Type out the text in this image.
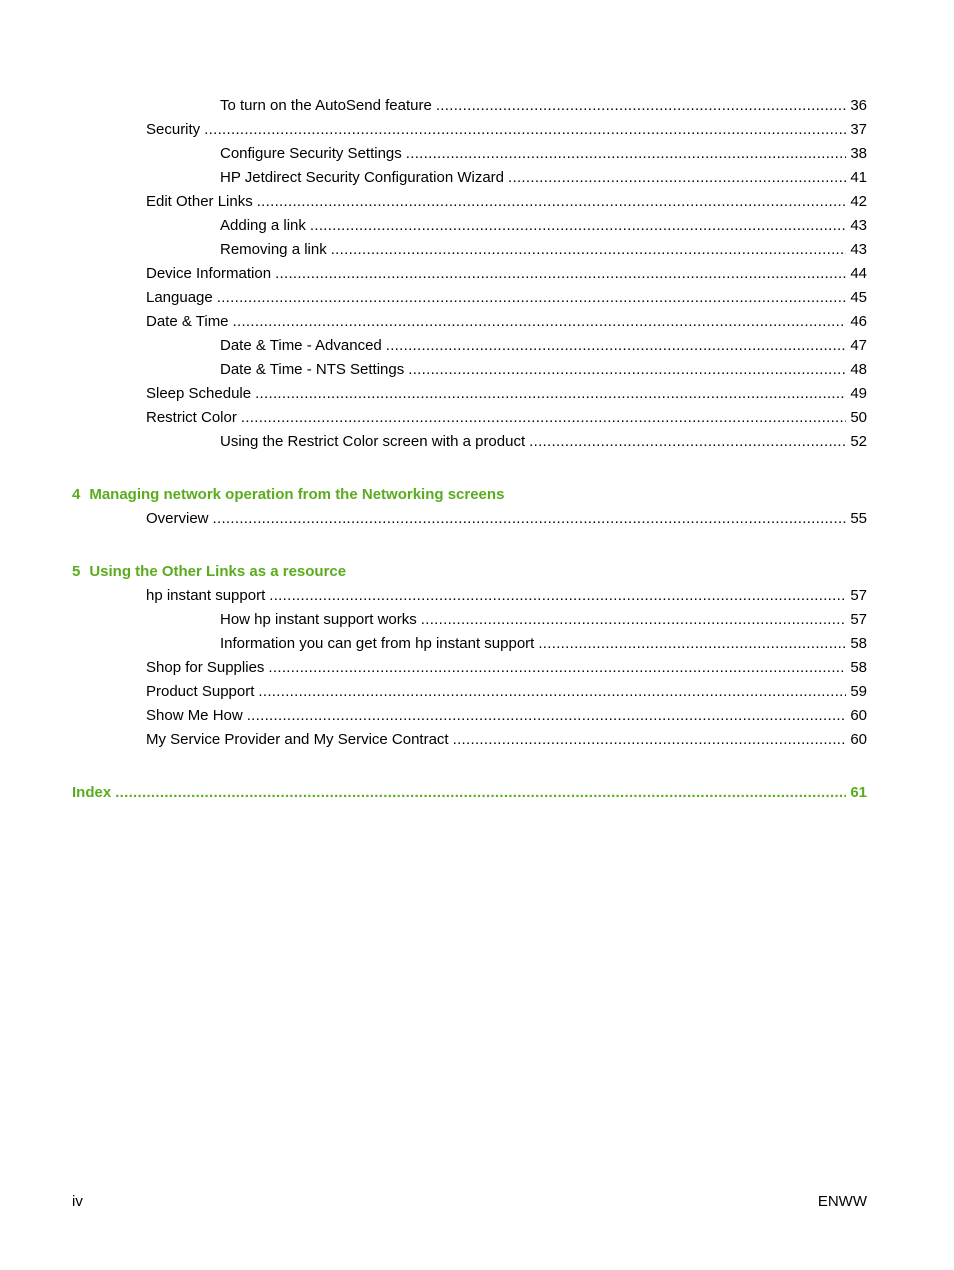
To turn on the AutoSend feature .....	36
Security .....	37
Configure Security Settings .....	38
HP Jetdirect Security Configuration Wizard .....	41
Edit Other Links .....	42
Adding a link .....	43
Removing a link .....	43
Device Information .....	44
Language .....	45
Date & Time .....	46
Date & Time - Advanced .....	47
Date & Time - NTS Settings .....	48
Sleep Schedule .....	49
Restrict Color .....	50
Using the Restrict Color screen with a product .....	52
4 Managing network operation from the Networking screens
Overview .....	55
5 Using the Other Links as a resource
hp instant support .....	57
How hp instant support works .....	57
Information you can get from hp instant support .....	58
Shop for Supplies .....	58
Product Support .....	59
Show Me How .....	60
My Service Provider and My Service Contract .....	60
Index .....	61
iv	ENWW
